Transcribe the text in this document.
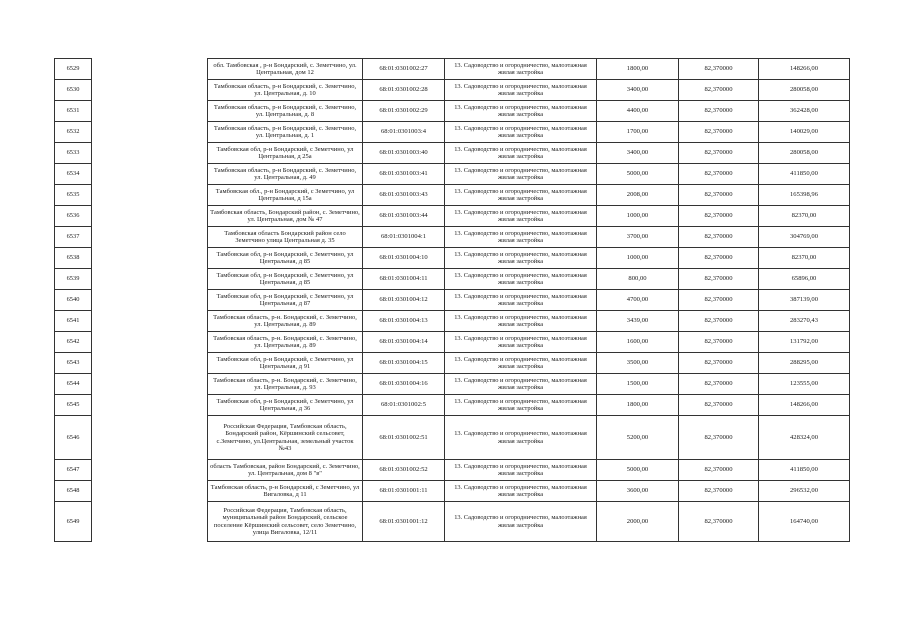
6529		обл. Тамбовская , р-н Бондарский, с. Земетчино, ул. Центральная, дом 12	68:01:0301002:27	13. Садоводство и огородничество, малоэтажная жилая застройка	1800,00	82,370000	148266,00
6530		Тамбовская область, р-н Бондарский, с. Земетчино, ул. Центральная, д. 10	68:01:0301002:28	13. Садоводство и огородничество, малоэтажная жилая застройка	3400,00	82,370000	280058,00
6531		Тамбовская область, р-н Бондарский, с. Земетчино, ул. Центральная, д. 8	68:01:0301002:29	13. Садоводство и огородничество, малоэтажная жилая застройка	4400,00	82,370000	362428,00
6532		Тамбовская область, р-н Бондарский, с. Земетчино, ул. Центральная, д. 1	68:01:0301003:4	13. Садоводство и огородничество, малоэтажная жилая застройка	1700,00	82,370000	140029,00
6533		Тамбовская обл, р-н Бондарский, с Земетчино, ул Центральная, д 25а	68:01:0301003:40	13. Садоводство и огородничество, малоэтажная жилая застройка	3400,00	82,370000	280058,00
6534		Тамбовская область, р-н Бондарский, с. Земетчино, ул. Центральная, д. 49	68:01:0301003:41	13. Садоводство и огородничество, малоэтажная жилая застройка	5000,00	82,370000	411850,00
6535		Тамбовская обл., р-н Бондарский, с Земетчино, ул Центральная, д 15а	68:01:0301003:43	13. Садоводство и огородничество, малоэтажная жилая застройка	2008,00	82,370000	165398,96
6536		Тамбовская область, Бондарский район, с. Земетчино, ул. Центральная, дом № 47	68:01:0301003:44	13. Садоводство и огородничество, малоэтажная жилая застройка	1000,00	82,370000	82370,00
6537		Тамбовская область Бондарский район село Земетчино улица Центральная д. 35	68:01:0301004:1	13. Садоводство и огородничество, малоэтажная жилая застройка	3700,00	82,370000	304769,00
6538		Тамбовская обл, р-н Бондарский, с Земетчино, ул Центральная, д 85	68:01:0301004:10	13. Садоводство и огородничество, малоэтажная жилая застройка	1000,00	82,370000	82370,00
6539		Тамбовская обл, р-н Бондарский, с Земетчино, ул Центральная, д 85	68:01:0301004:11	13. Садоводство и огородничество, малоэтажная жилая застройка	800,00	82,370000	65896,00
6540		Тамбовская обл, р-н Бондарский, с Земетчино, ул Центральная, д 87	68:01:0301004:12	13. Садоводство и огородничество, малоэтажная жилая застройка	4700,00	82,370000	387139,00
6541		Тамбовская область, р-н. Бондарский, с. Земетчино, ул. Центральная, д. 89	68:01:0301004:13	13. Садоводство и огородничество, малоэтажная жилая застройка	3439,00	82,370000	283270,43
6542		Тамбовская область, р-н. Бондарский, с. Земетчино, ул. Центральная, д. 89	68:01:0301004:14	13. Садоводство и огородничество, малоэтажная жилая застройка	1600,00	82,370000	131792,00
6543		Тамбовская обл, р-н Бондарский, с Земетчино, ул Центральная, д 91	68:01:0301004:15	13. Садоводство и огородничество, малоэтажная жилая застройка	3500,00	82,370000	288295,00
6544		Тамбовская область, р-н. Бондарский, с. Земетчино, ул. Центральная, д. 93	68:01:0301004:16	13. Садоводство и огородничество, малоэтажная жилая застройка	1500,00	82,370000	123555,00
6545		Тамбовская обл, р-н Бондарский, с Земетчино, ул Центральная, д 36	68:01:0301002:5	13. Садоводство и огородничество, малоэтажная жилая застройка	1800,00	82,370000	148266,00
6546		Российская Федерация, Тамбовская область, Бондарский район, Кёршинский сельсовет, с.Земетчино, ул.Центральная, земельный участок №43	68:01:0301002:51	13. Садоводство и огородничество, малоэтажная жилая застройка	5200,00	82,370000	428324,00
6547		область Тамбовская, район Бондарский, с. Земетчино, ул. Центральная, дом 8 "в"	68:01:0301002:52	13. Садоводство и огородничество, малоэтажная жилая застройка	5000,00	82,370000	411850,00
6548		Тамбовская область, р-н Бондарский, с Земетчино, ул Вигаловка, д 11	68:01:0301001:11	13. Садоводство и огородничество, малоэтажная жилая застройка	3600,00	82,370000	296532,00
6549		Российская Федерация, Тамбовская область, муниципальный район Бондарский, сельское поселение Кёршинский сельсовет, село Земетчино, улица Вигаловка, 12/11	68:01:0301001:12	13. Садоводство и огородничество, малоэтажная жилая застройка	2000,00	82,370000	164740,00
